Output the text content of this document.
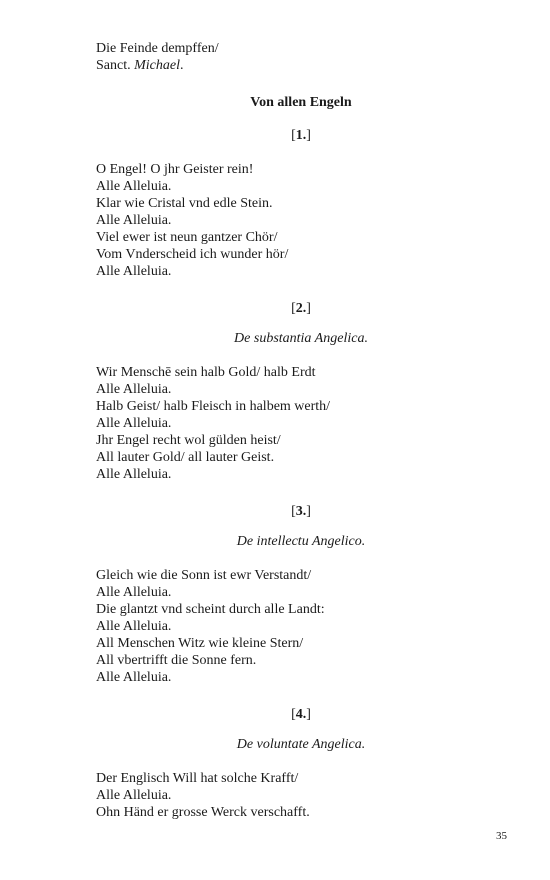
Die Feinde dempffen/
Sanct. Michael.
Von allen Engeln
[1.]
O Engel! O jhr Geister rein!
Alle Alleluia.
Klar wie Cristal vnd edle Stein.
Alle Alleluia.
Viel ewer ist neun gantzer Chör/
Vom Vnderscheid ich wunder hör/
Alle Alleluia.
[2.]
De substantia Angelica.
Wir Menschē sein halb Gold/ halb Erdt
Alle Alleluia.
Halb Geist/ halb Fleisch in halbem werth/
Alle Alleluia.
Jhr Engel recht wol gülden heist/
All lauter Gold/ all lauter Geist.
Alle Alleluia.
[3.]
De intellectu Angelico.
Gleich wie die Sonn ist ewr Verstandt/
Alle Alleluia.
Die glantzt vnd scheint durch alle Landt:
Alle Alleluia.
All Menschen Witz wie kleine Stern/
All vbertrifft die Sonne fern.
Alle Alleluia.
[4.]
De voluntate Angelica.
Der Englisch Will hat solche Krafft/
Alle Alleluia.
Ohn Händ er grosse Werck verschafft.
35
